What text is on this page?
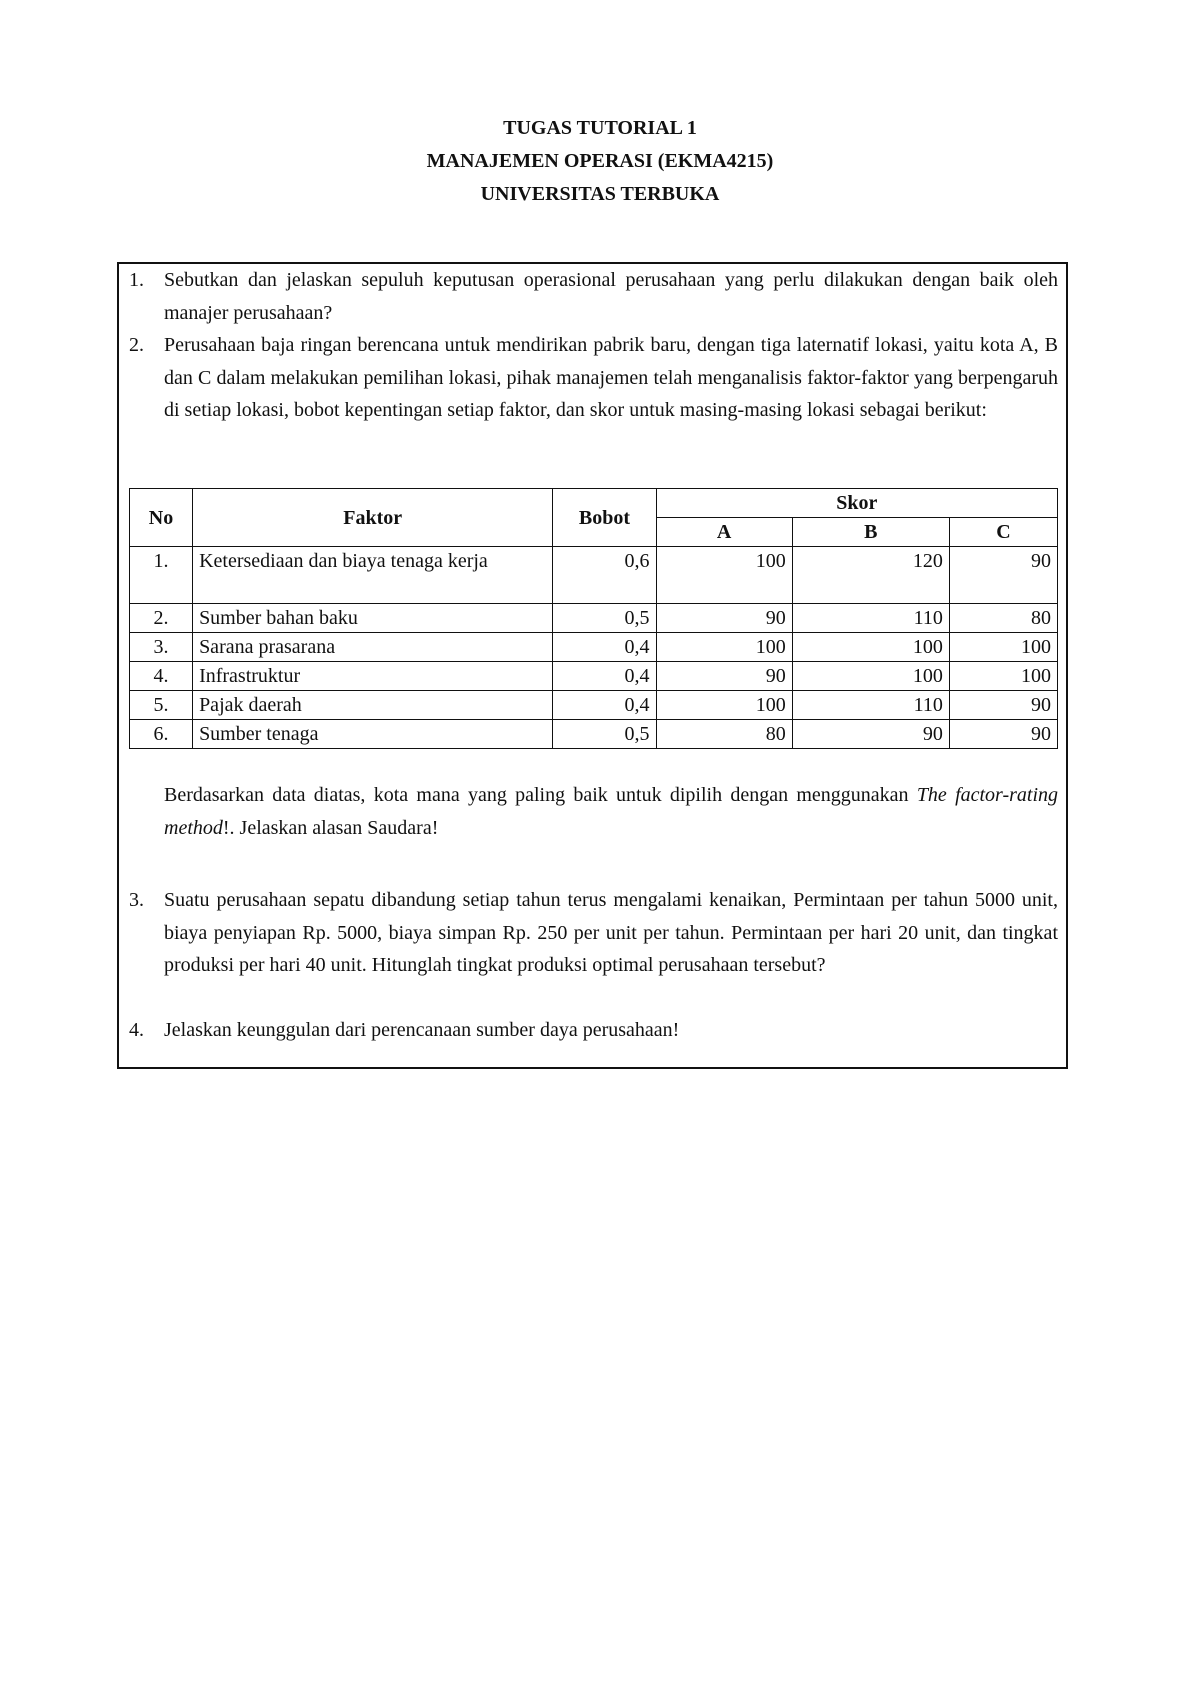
TUGAS TUTORIAL 1
MANAJEMEN OPERASI (EKMA4215)
UNIVERSITAS TERBUKA
1. Sebutkan dan jelaskan sepuluh keputusan operasional perusahaan yang perlu dilakukan dengan baik oleh manajer perusahaan?
2. Perusahaan baja ringan berencana untuk mendirikan pabrik baru, dengan tiga laternatif lokasi, yaitu kota A, B dan C dalam melakukan pemilihan lokasi, pihak manajemen telah menganalisis faktor-faktor yang berpengaruh di setiap lokasi, bobot kepentingan setiap faktor, dan skor untuk masing-masing lokasi sebagai berikut:
No	Faktor	Bobot	Skor		
			A	B	C
1.	Ketersediaan dan biaya tenaga kerja	0,6	100	120	90
2.	Sumber bahan baku	0,5	90	110	80
3.	Sarana prasarana	0,4	100	100	100
4.	Infrastruktur	0,4	90	100	100
5.	Pajak daerah	0,4	100	110	90
6.	Sumber tenaga	0,5	80	90	90
Berdasarkan data diatas, kota mana yang paling baik untuk dipilih dengan menggunakan The factor-rating method!. Jelaskan alasan Saudara!
3. Suatu perusahaan sepatu dibandung setiap tahun terus mengalami kenaikan, Permintaan per tahun 5000 unit, biaya penyiapan Rp. 5000, biaya simpan Rp. 250 per unit per tahun. Permintaan per hari 20 unit, dan tingkat produksi per hari 40 unit. Hitunglah tingkat produksi optimal perusahaan tersebut?
4. Jelaskan keunggulan dari perencanaan sumber daya perusahaan!
